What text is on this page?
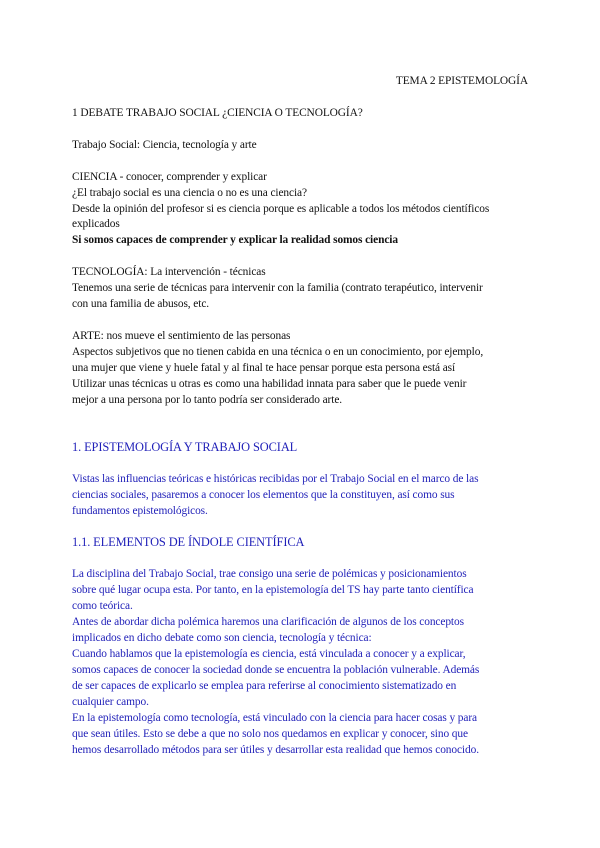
TEMA 2 EPISTEMOLOGÍA
1 DEBATE TRABAJO SOCIAL ¿CIENCIA O TECNOLOGÍA?
Trabajo Social: Ciencia, tecnología y arte
CIENCIA - conocer, comprender y explicar
¿El trabajo social es una ciencia o no es una ciencia?
Desde la opinión del profesor si es ciencia porque es aplicable a todos los métodos científicos
explicados
Si somos capaces de comprender y explicar la realidad somos ciencia
TECNOLOGÍA: La intervención - técnicas
Tenemos una serie de técnicas para intervenir con la familia (contrato terapéutico, intervenir
con una familia de abusos, etc.
ARTE: nos mueve el sentimiento de las personas
Aspectos subjetivos que no tienen cabida en una técnica o en un conocimiento, por ejemplo,
una mujer que viene y huele fatal y al final te hace pensar porque esta persona está así
Utilizar unas técnicas u otras es como una habilidad innata para saber que le puede venir
mejor a una persona por lo tanto podría ser considerado arte.
1. EPISTEMOLOGÍA Y TRABAJO SOCIAL
Vistas las influencias teóricas e históricas recibidas por el Trabajo Social en el marco de las
ciencias sociales, pasaremos a conocer los elementos que la constituyen, así como sus
fundamentos epistemológicos.
1.1. ELEMENTOS DE ÍNDOLE CIENTÍFICA
La disciplina del Trabajo Social, trae consigo una serie de polémicas y posicionamientos
sobre qué lugar ocupa esta. Por tanto, en la epistemología del TS hay parte tanto científica
como teórica.
Antes de abordar dicha polémica haremos una clarificación de algunos de los conceptos
implicados en dicho debate como son ciencia, tecnología y técnica:
Cuando hablamos que la epistemología es ciencia, está vinculada a conocer y a explicar,
somos capaces de conocer la sociedad donde se encuentra la población vulnerable. Además
de ser capaces de explicarlo se emplea para referirse al conocimiento sistematizado en
cualquier campo.
En la epistemología como tecnología, está vinculado con la ciencia para hacer cosas y para
que sean útiles. Esto se debe a que no solo nos quedamos en explicar y conocer, sino que
hemos desarrollado métodos para ser útiles y desarrollar esta realidad que hemos conocido.
